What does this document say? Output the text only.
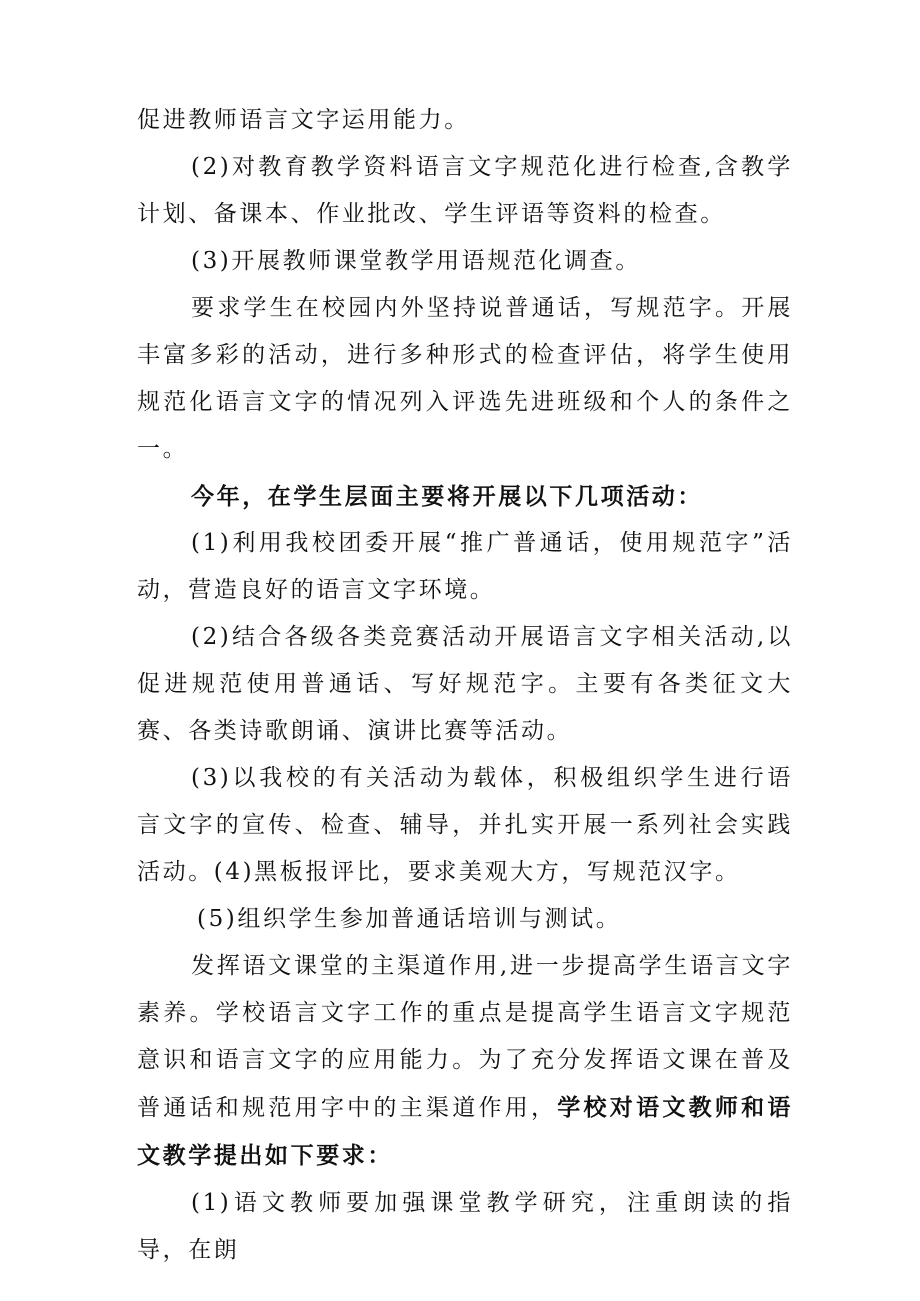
促进教师语言文字运用能力。

(2)对教育教学资料语言文字规范化进行检查,含教学计划、备课本、作业批改、学生评语等资料的检查。

(3)开展教师课堂教学用语规范化调查。

要求学生在校园内外坚持说普通话，写规范字。开展丰富多彩的活动，进行多种形式的检查评估，将学生使用规范化语言文字的情况列入评选先进班级和个人的条件之一。

今年，在学生层面主要将开展以下几项活动：

(1)利用我校团委开展“推广普通话，使用规范字”活动，营造良好的语言文字环境。

(2)结合各级各类竞赛活动开展语言文字相关活动,以促进规范使用普通话、写好规范字。主要有各类征文大赛、各类诗歌朗诵、演讲比赛等活动。

(3)以我校的有关活动为载体，积极组织学生进行语言文字的宣传、检查、辅导，并扎实开展一系列社会实践活动。(4)黑板报评比，要求美观大方，写规范汉字。

(5)组织学生参加普通话培训与测试。

发挥语文课堂的主渠道作用,进一步提高学生语言文字素养。学校语言文字工作的重点是提高学生语言文字规范意识和语言文字的应用能力。为了充分发挥语文课在普及普通话和规范用字中的主渠道作用，学校对语文教师和语文教学提出如下要求：

(1)语文教师要加强课堂教学研究，注重朗读的指导，在朗
